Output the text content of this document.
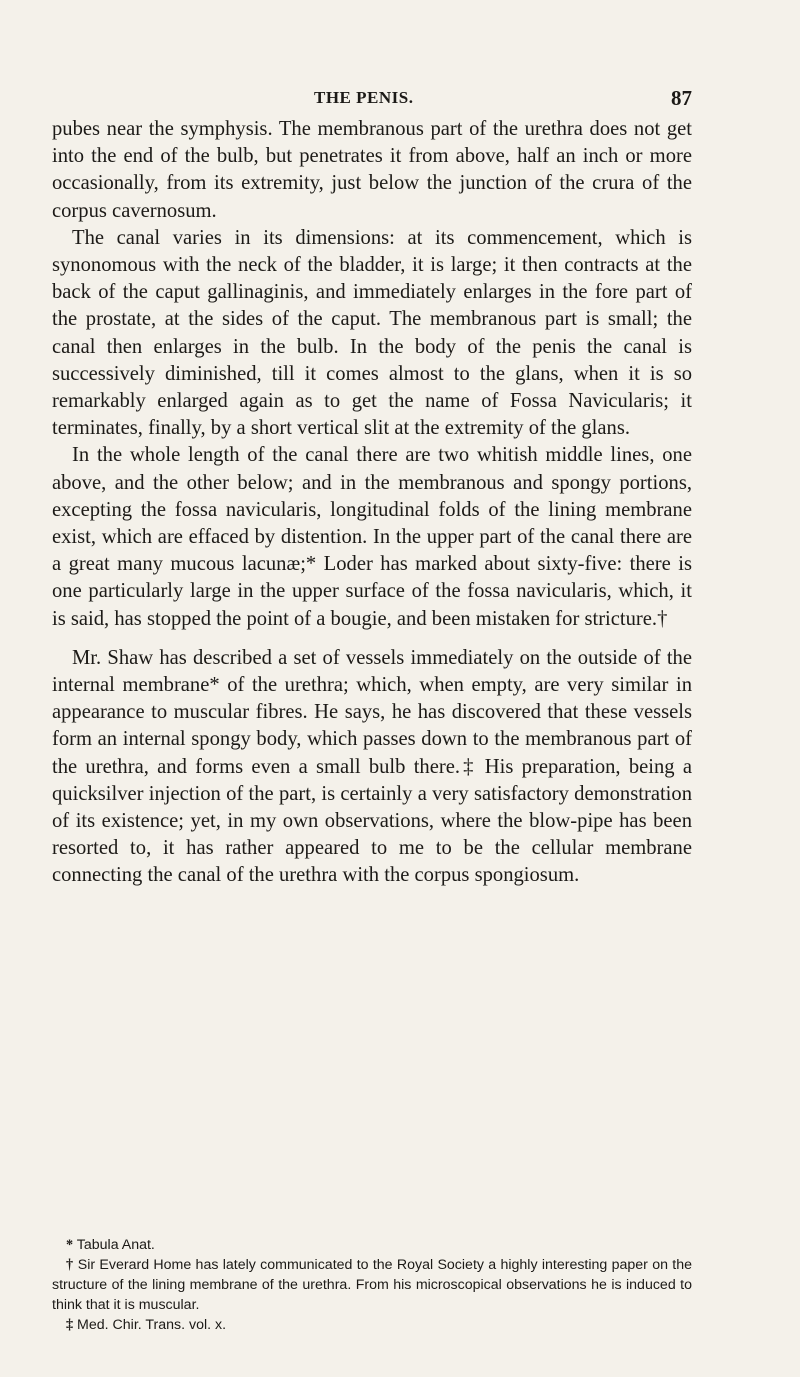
THE PENIS.	87

pubes near the symphysis. The membranous part of the urethra does not get into the end of the bulb, but penetrates it from above, half an inch or more occasionally, from its extremity, just below the junction of the crura of the corpus cavernosum.

The canal varies in its dimensions: at its commencement, which is synonomous with the neck of the bladder, it is large; it then contracts at the back of the caput gallinaginis, and immediately enlarges in the fore part of the prostate, at the sides of the caput. The membranous part is small; the canal then enlarges in the bulb. In the body of the penis the canal is successively diminished, till it comes almost to the glans, when it is so remarkably enlarged again as to get the name of Fossa Navicularis; it terminates, finally, by a short vertical slit at the extremity of the glans.

In the whole length of the canal there are two whitish middle lines, one above, and the other below; and in the membranous and spongy portions, excepting the fossa navicularis, longitudinal folds of the lining membrane exist, which are effaced by distention. In the upper part of the canal there are a great many mucous lacunæ;* Loder has marked about sixty-five: there is one particularly large in the upper surface of the fossa navicularis, which, it is said, has stopped the point of a bougie, and been mistaken for stricture.†

Mr. Shaw has described a set of vessels immediately on the outside of the internal membrane* of the urethra; which, when empty, are very similar in appearance to muscular fibres. He says, he has discovered that these vessels form an internal spongy body, which passes down to the membranous part of the urethra, and forms even a small bulb there.‡ His preparation, being a quicksilver injection of the part, is certainly a very satisfactory demonstration of its existence; yet, in my own observations, where the blow-pipe has been resorted to, it has rather appeared to me to be the cellular membrane connecting the canal of the urethra with the corpus spongiosum.

* Tabula Anat.

† Sir Everard Home has lately communicated to the Royal Society a highly interesting paper on the structure of the lining membrane of the urethra. From his microscopical observations he is induced to think that it is muscular.

‡ Med. Chir. Trans. vol. x.
